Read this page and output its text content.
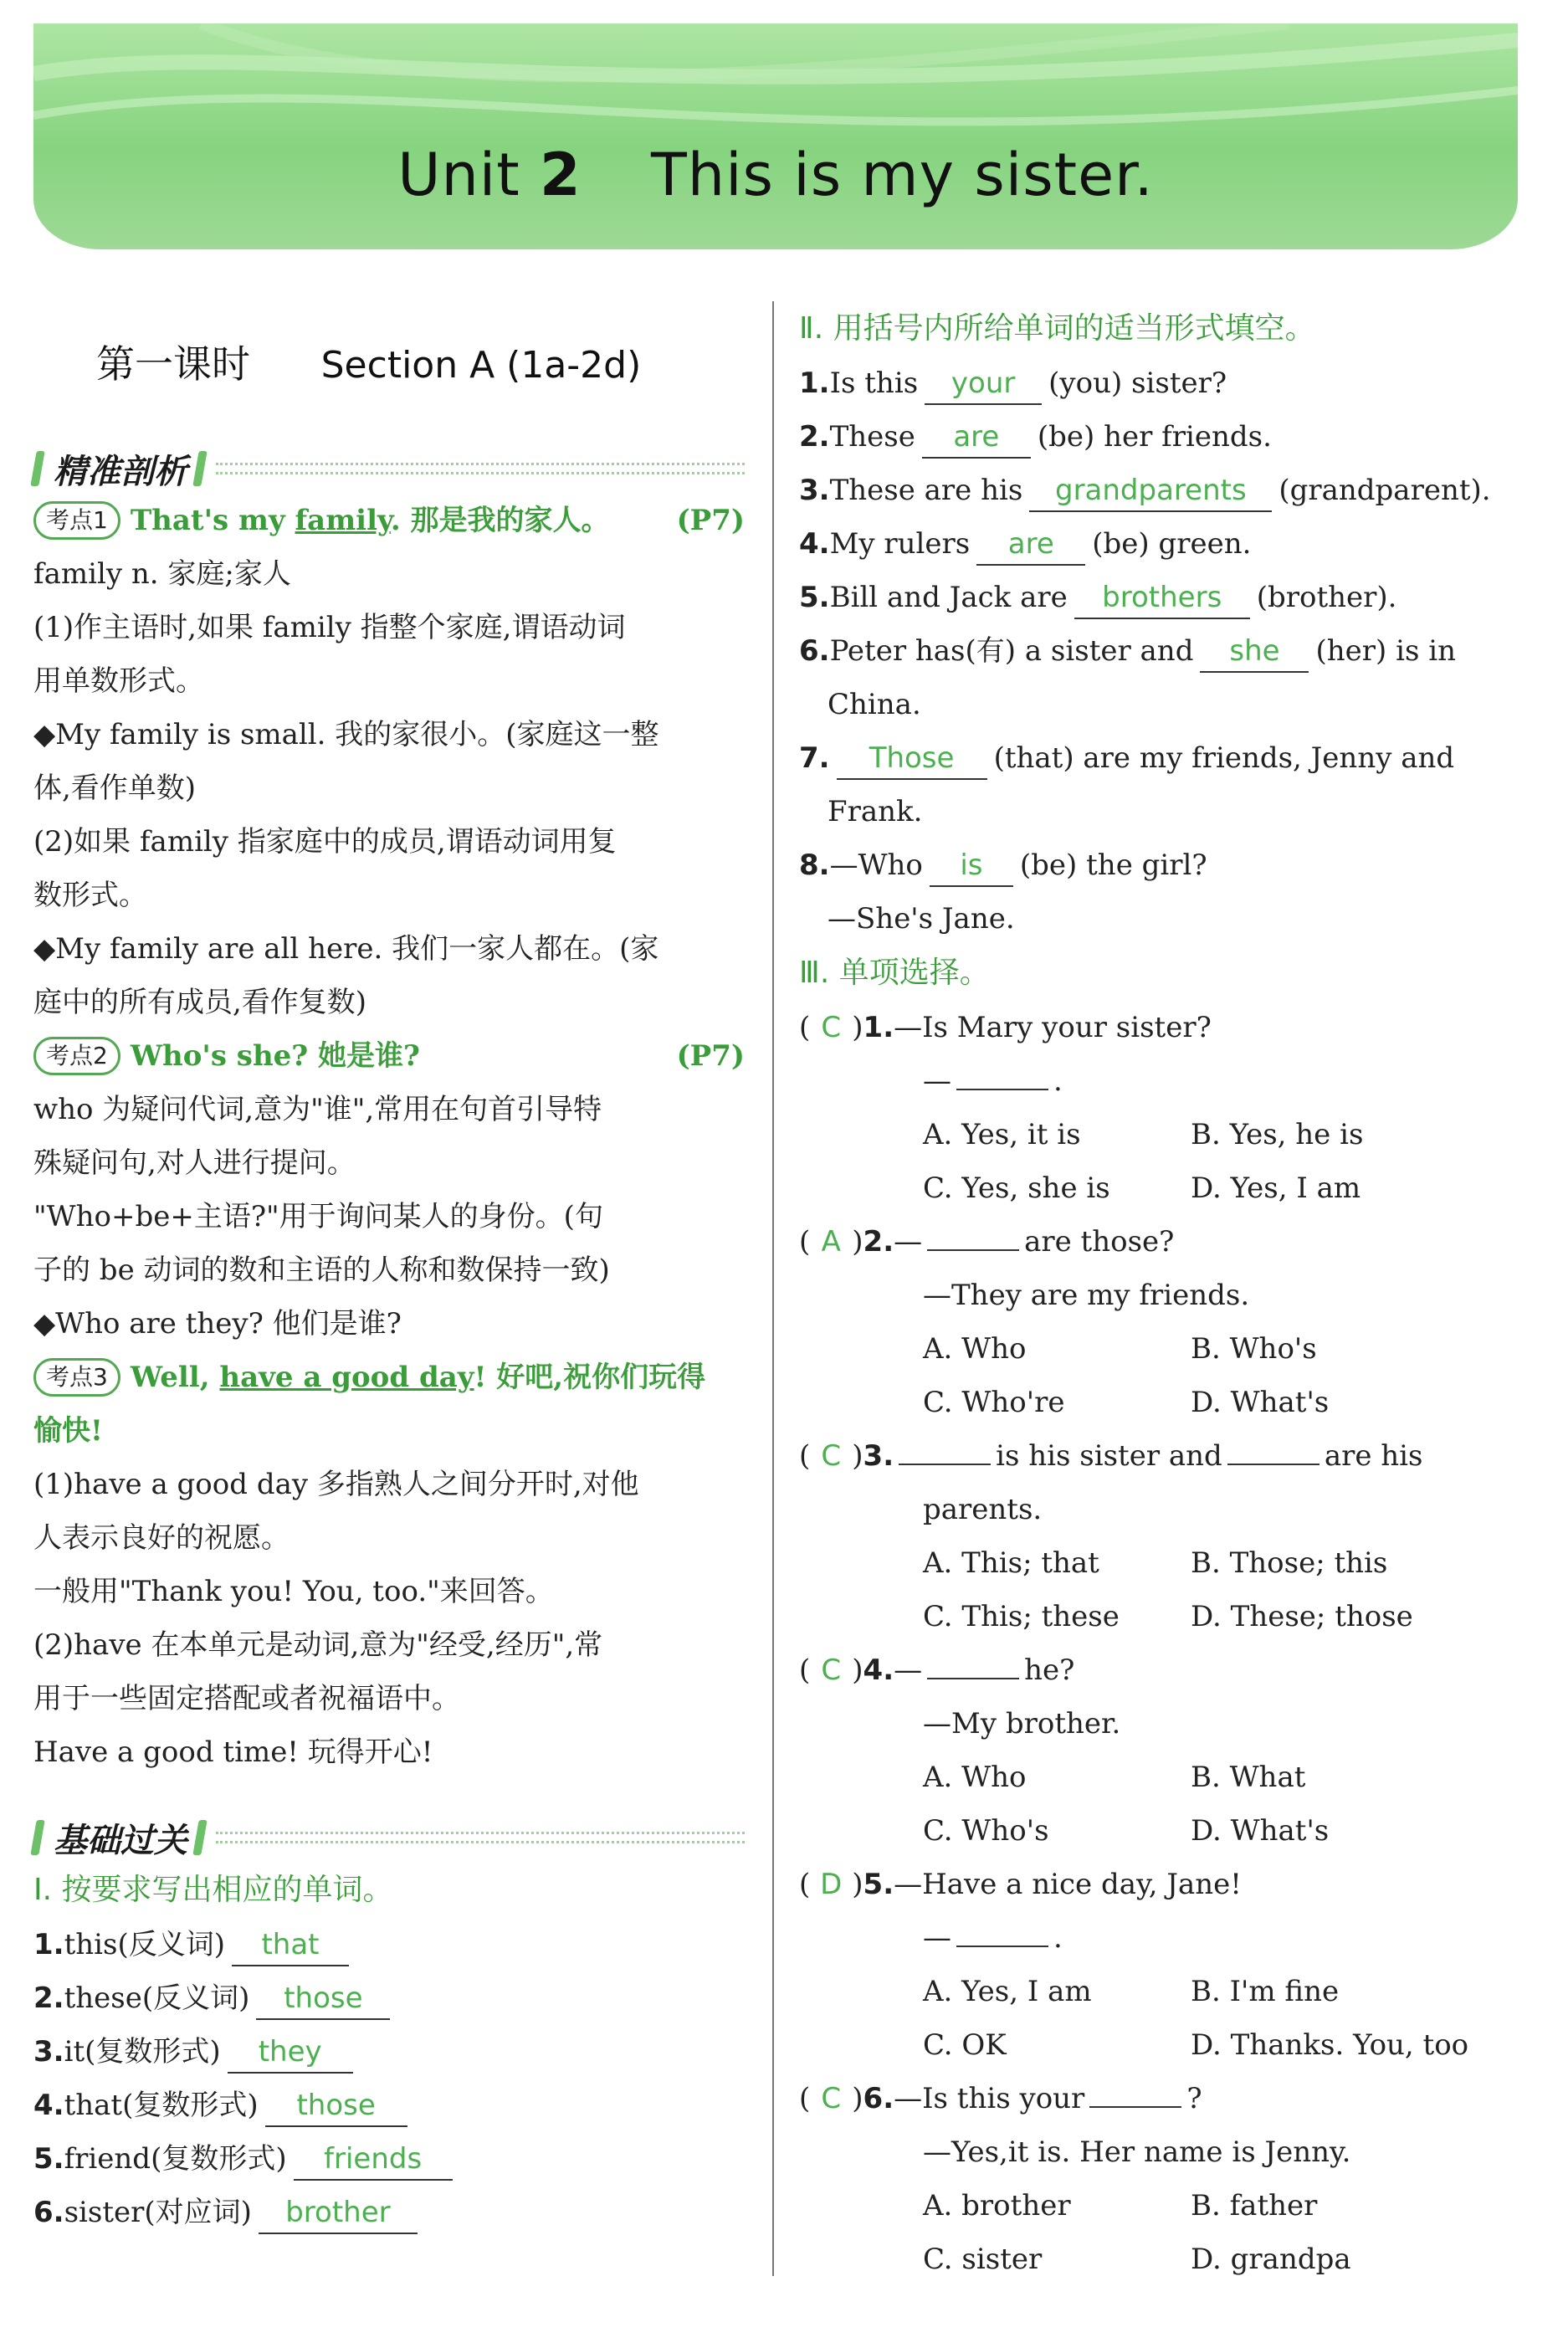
Unit 2 This is my sister.
第一课时 Section A (1a-2d)
精准剖析
考点1 That's my family. 那是我的家人。	(P7)
family n. 家庭;家人
(1)作主语时,如果 family 指整个家庭,谓语动词
用单数形式。
◆My family is small. 我的家很小。(家庭这一整
体,看作单数)
(2)如果 family 指家庭中的成员,谓语动词用复
数形式。
◆My family are all here. 我们一家人都在。(家
庭中的所有成员,看作复数)
考点2 Who's she? 她是谁?	(P7)
who 为疑问代词,意为"谁",常用在句首引导特
殊疑问句,对人进行提问。
"Who+be+主语?"用于询问某人的身份。(句
子的 be 动词的数和主语的人称和数保持一致)
◆Who are they? 他们是谁?
考点3 Well, have a good day! 好吧,祝你们玩得
愉快!
(1)have a good day 多指熟人之间分开时,对他
人表示良好的祝愿。
一般用"Thank you! You, too."来回答。
(2)have 在本单元是动词,意为"经受,经历",常
用于一些固定搭配或者祝福语中。
Have a good time! 玩得开心!
基础过关
Ⅰ. 按要求写出相应的单词。
1.this(反义词) that
2.these(反义词) those
3.it(复数形式) they
4.that(复数形式) those
5.friend(复数形式) friends
6.sister(对应词) brother
Ⅱ. 用括号内所给单词的适当形式填空。
1.Is this your (you) sister?
2.These are (be) her friends.
3.These are his grandparents (grandparent).
4.My rulers are (be) green.
5.Bill and Jack are brothers (brother).
6.Peter has(有) a sister and she (her) is in
China.
7. Those (that) are my friends, Jenny and
Frank.
8.—Who is (be) the girl?
—She's Jane.
Ⅲ. 单项选择。
( C )1.—Is Mary your sister?
—	.
A. Yes, it is	B. Yes, he is
C. Yes, she is	D. Yes, I am
( A )2.—	are those?
—They are my friends.
A. Who	B. Who's
C. Who're	D. What's
( C )3.	is his sister and	are his
parents.
A. This; that	B. Those; this
C. This; these	D. These; those
( C )4.—	he?
—My brother.
A. Who	B. What
C. Who's	D. What's
( D )5.—Have a nice day, Jane!
—	.
A. Yes, I am	B. I'm fine
C. OK	D. Thanks. You, too
( C )6.—Is this your	?
—Yes,it is. Her name is Jenny.
A. brother	B. father
C. sister	D. grandpa
